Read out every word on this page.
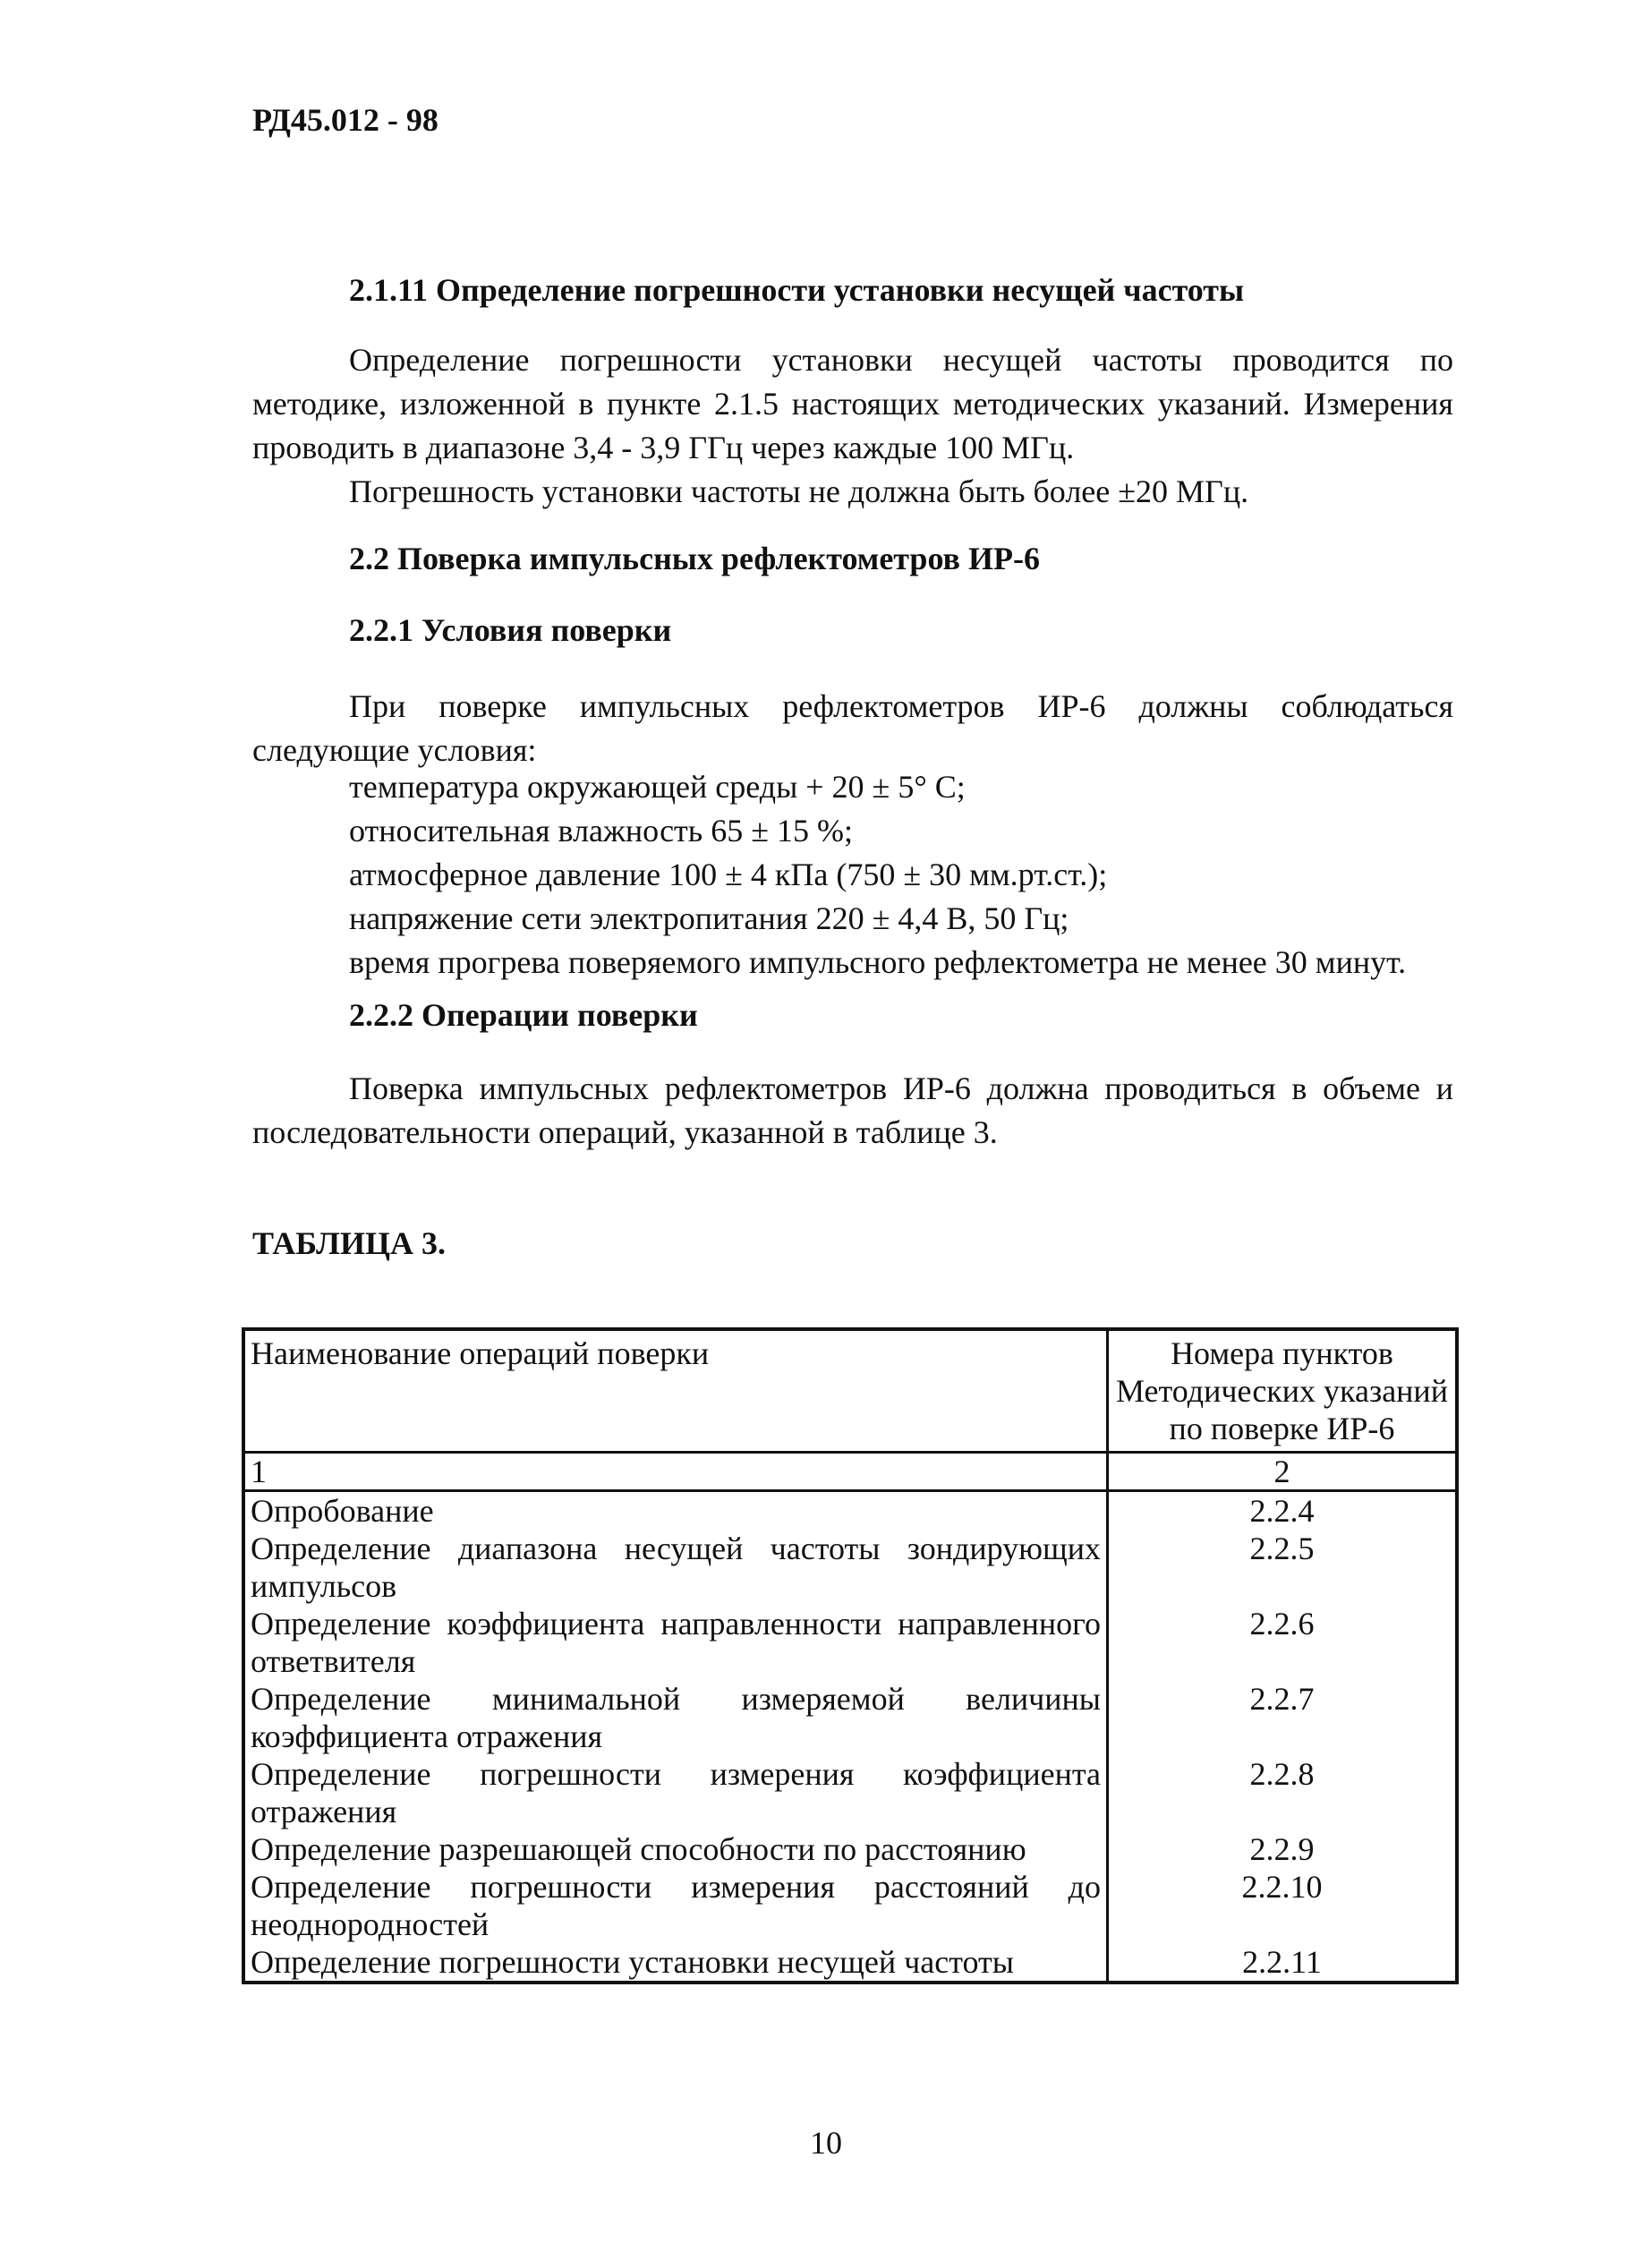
РД45.012 - 98
2.1.11 Определение погрешности установки несущей частоты
Определение погрешности установки несущей частоты проводится по методике, изложенной в пункте 2.1.5 настоящих методических указаний. Измерения проводить в диапазоне 3,4 - 3,9 ГГц через каждые 100 МГц.
Погрешность установки частоты не должна быть более ±20 МГц.
2.2 Поверка импульсных рефлектометров ИР-6
2.2.1 Условия поверки
При поверке импульсных рефлектометров ИР-6 должны соблюдаться следующие условия:
температура окружающей среды + 20 ± 5° С;
относительная влажность 65 ± 15 %;
атмосферное давление 100 ± 4 кПа (750 ± 30 мм.рт.ст.);
напряжение сети электропитания 220 ± 4,4 В, 50 Гц;
время прогрева поверяемого импульсного рефлектометра не менее 30 минут.
2.2.2 Операции поверки
Поверка импульсных рефлектометров ИР-6 должна проводиться в объеме и последовательности операций, указанной в таблице 3.
ТАБЛИЦА 3.
Наименование операций поверки	Номера пунктов Методических указаний по поверке ИР-6
1	2
Опробование	2.2.4
Определение диапазона несущей частоты зондирующих импульсов	2.2.5
Определение коэффициента направленности направленного ответвителя	2.2.6
Определение минимальной измеряемой величины коэффициента отражения	2.2.7
Определение погрешности измерения коэффициента отражения	2.2.8
Определение разрешающей способности по расстоянию	2.2.9
Определение погрешности измерения расстояний до неоднородностей	2.2.10
Определение погрешности установки несущей частоты	2.2.11
10
